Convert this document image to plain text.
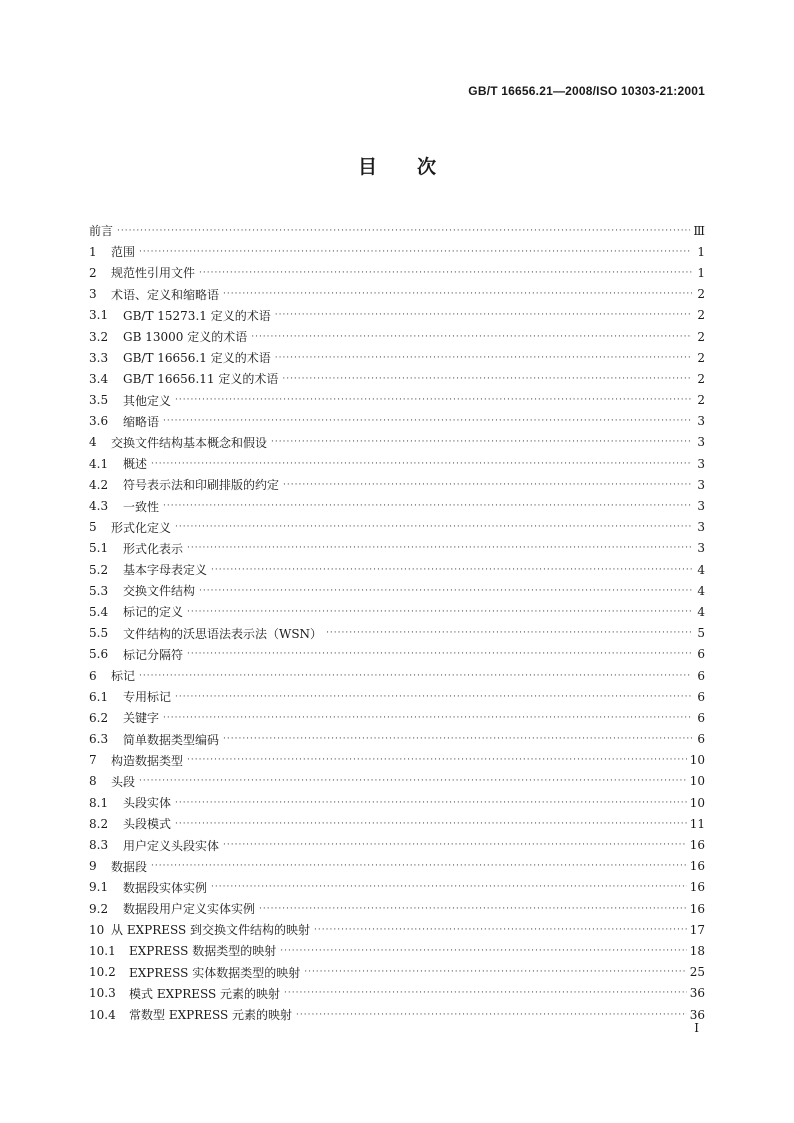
GB/T 16656.21—2008/ISO 10303-21:2001
目次
前言 ·····	Ⅲ
1	范围 ·····	1
2	规范性引用文件 ·····	1
3	术语、定义和缩略语 ·····	2
3.1	GB/T 15273.1 定义的术语 ·····	2
3.2	GB 13000 定义的术语 ·····	2
3.3	GB/T 16656.1 定义的术语 ·····	2
3.4	GB/T 16656.11 定义的术语 ·····	2
3.5	其他定义 ·····	2
3.6	缩略语 ·····	3
4	交换文件结构基本概念和假设 ·····	3
4.1	概述 ·····	3
4.2	符号表示法和印刷排版的约定 ·····	3
4.3	一致性 ·····	3
5	形式化定义 ·····	3
5.1	形式化表示 ·····	3
5.2	基本字母表定义 ·····	4
5.3	交换文件结构 ·····	4
5.4	标记的定义 ·····	4
5.5	文件结构的沃思语法表示法（WSN） ·····	5
5.6	标记分隔符 ·····	6
6	标记 ·····	6
6.1	专用标记 ·····	6
6.2	关键字 ·····	6
6.3	简单数据类型编码 ·····	6
7	构造数据类型 ·····	10
8	头段 ·····	10
8.1	头段实体 ·····	10
8.2	头段模式 ·····	11
8.3	用户定义头段实体 ·····	16
9	数据段 ·····	16
9.1	数据段实体实例 ·····	16
9.2	数据段用户定义实体实例 ·····	16
10 从 EXPRESS 到交换文件结构的映射 ·····	17
10.1	EXPRESS 数据类型的映射 ·····	18
10.2	EXPRESS 实体数据类型的映射 ·····	25
10.3	模式 EXPRESS 元素的映射 ·····	36
10.4	常数型 EXPRESS 元素的映射 ·····	36
I
